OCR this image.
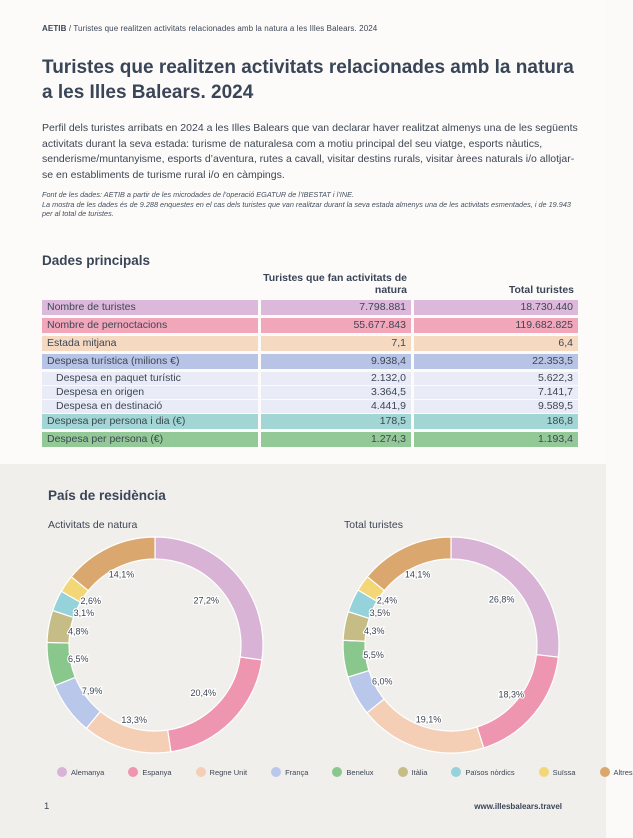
AETIB / Turistes que realitzen activitats relacionades amb la natura a les Illes Balears. 2024
Turistes que realitzen activitats relacionades amb la natura a les Illes Balears. 2024

Perfil dels turistes arribats en 2024 a les Illes Balears que van declarar haver realitzat almenys una de les següents activitats durant la seva estada: turisme de naturalesa com a motiu principal del seu viatge, esports nàutics, senderisme/muntanyisme, esports d’aventura, rutes a cavall, visitar destins rurals, visitar àrees naturals i/o allotjar-se en establiments de turisme rural i/o en càmpings.

Font de les dades: AETIB a partir de les microdades de l’operació EGATUR de l’IBESTAT i l’INE.
La mostra de les dades és de 9.288 enquestes en el cas dels turistes que van realitzar durant la seva estada almenys una de les activitats esmentades, i de 19.943 per al total de turistes.
Dades principals
Turistes que fan activitats de natura	Total turistes
Nombre de turistes	7.798.881	18.730.440
Nombre de pernoctacions	55.677.843	119.682.825
Estada mitjana	7,1	6,4
Despesa turística (milions €)	9.938,4	22.353,5
Despesa en paquet turístic	2.132,0	5.622,3
Despesa en origen	3.364,5	7.141,7
Despesa en destinació	4.441,9	9.589,5
Despesa per persona i dia (€)	178,5	186,8
Despesa per persona (€)	1.274,3	1.193,4
País de residència
Activitats de natura
27,2%
20,4%
13,3%
7,9%
6,5%
4,8%
3,1%
2,6%
14,1%
Total turistes
26,8%
18,3%
19,1%
6,0%
5,5%
4,3%
3,5%
2,4%
14,1%
Alemanya	Espanya	Regne Unit	França	Benelux	Itàlia	Països nòrdics	Suïssa	Altres
1	www.illesbalears.travel
